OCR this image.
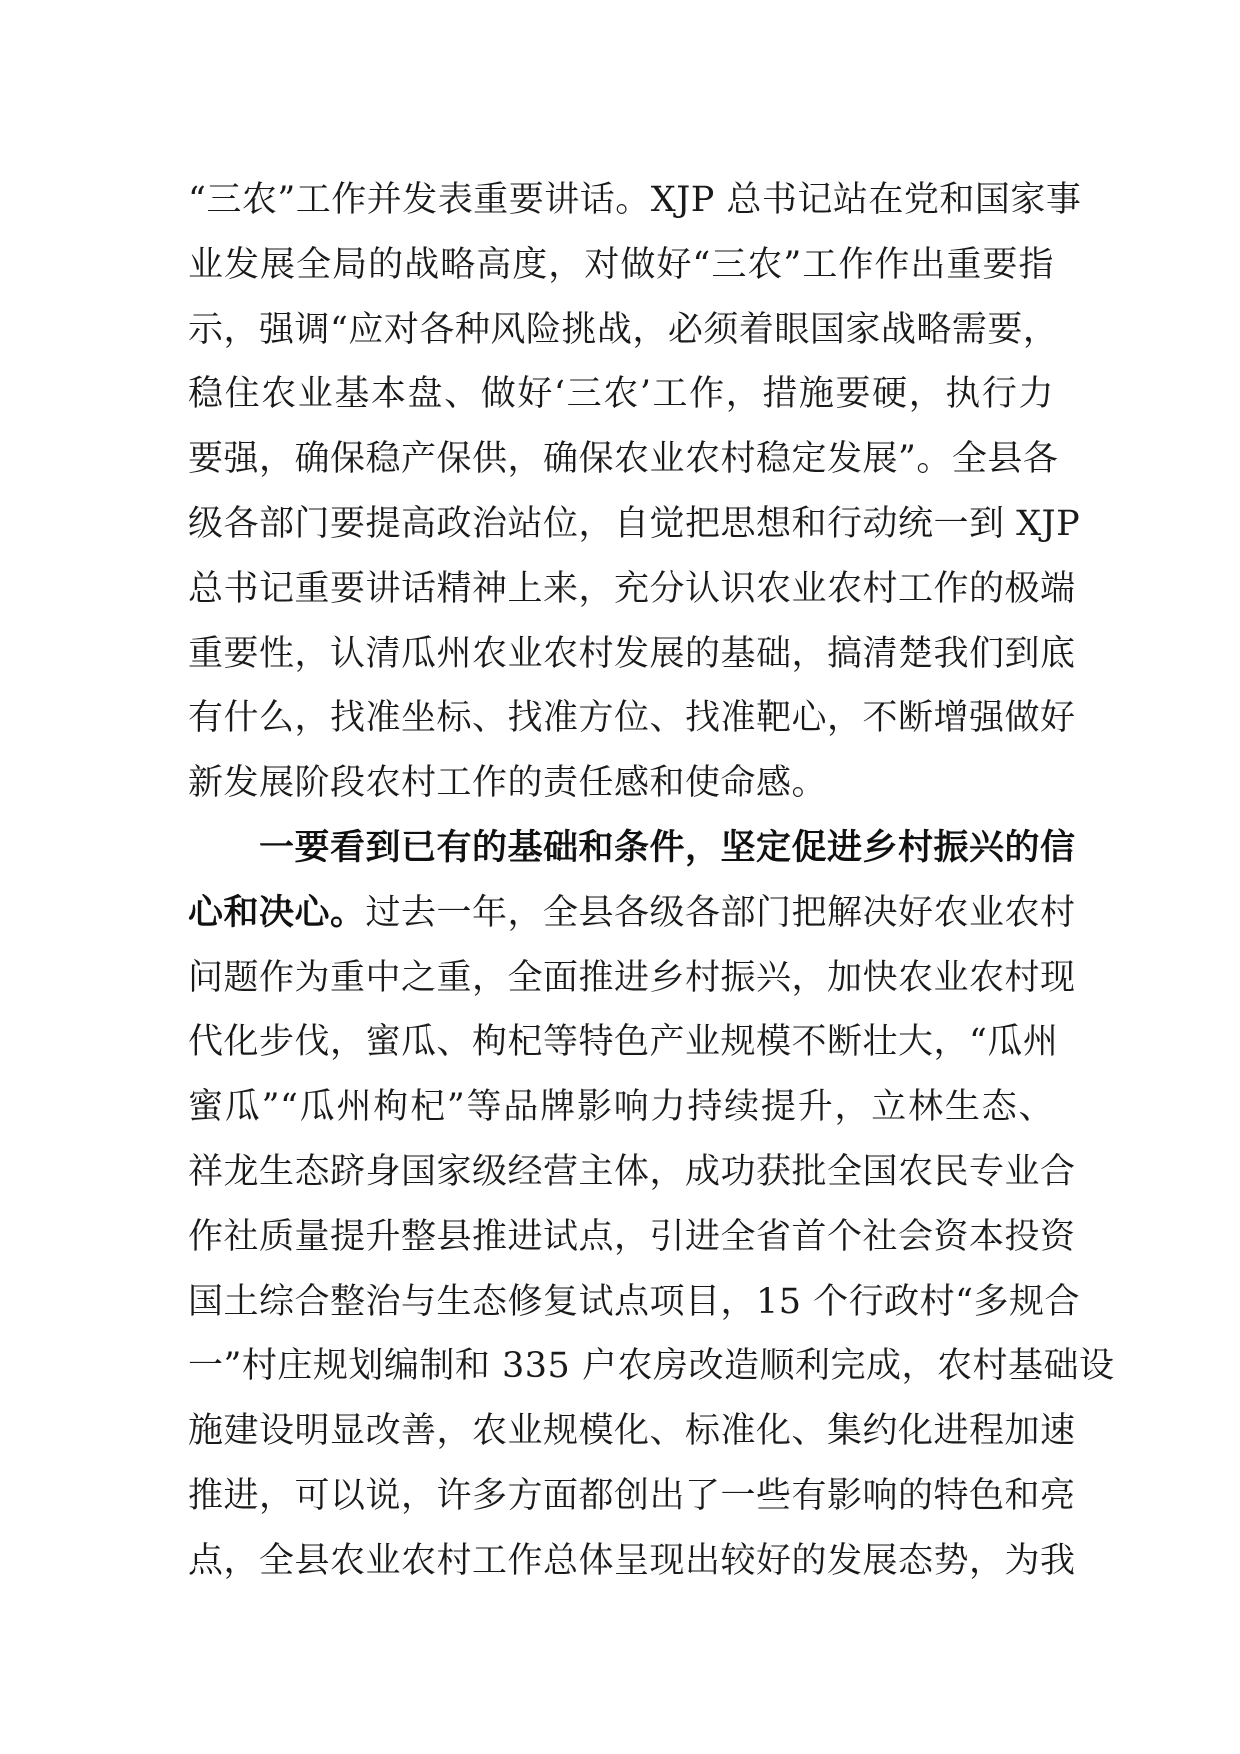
“三农”工作并发表重要讲话。XJP 总书记站在党和国家事
业发展全局的战略高度，对做好“三农”工作作出重要指
示，强调“应对各种风险挑战，必须着眼国家战略需要，
稳住农业基本盘、做好‘三农’工作，措施要硬，执行力
要强，确保稳产保供，确保农业农村稳定发展”。全县各
级各部门要提高政治站位，自觉把思想和行动统一到 XJP
总书记重要讲话精神上来，充分认识农业农村工作的极端
重要性，认清瓜州农业农村发展的基础，搞清楚我们到底
有什么，找准坐标、找准方位、找准靶心，不断增强做好
新发展阶段农村工作的责任感和使命感。
　　一要看到已有的基础和条件，坚定促进乡村振兴的信
心和决心。过去一年，全县各级各部门把解决好农业农村
问题作为重中之重，全面推进乡村振兴，加快农业农村现
代化步伐，蜜瓜、枸杞等特色产业规模不断壮大，“瓜州
蜜瓜”“瓜州枸杞”等品牌影响力持续提升，立林生态、
祥龙生态跻身国家级经营主体，成功获批全国农民专业合
作社质量提升整县推进试点，引进全省首个社会资本投资
国土综合整治与生态修复试点项目，15 个行政村“多规合
一”村庄规划编制和 335 户农房改造顺利完成，农村基础设
施建设明显改善，农业规模化、标准化、集约化进程加速
推进，可以说，许多方面都创出了一些有影响的特色和亮
点，全县农业农村工作总体呈现出较好的发展态势，为我
